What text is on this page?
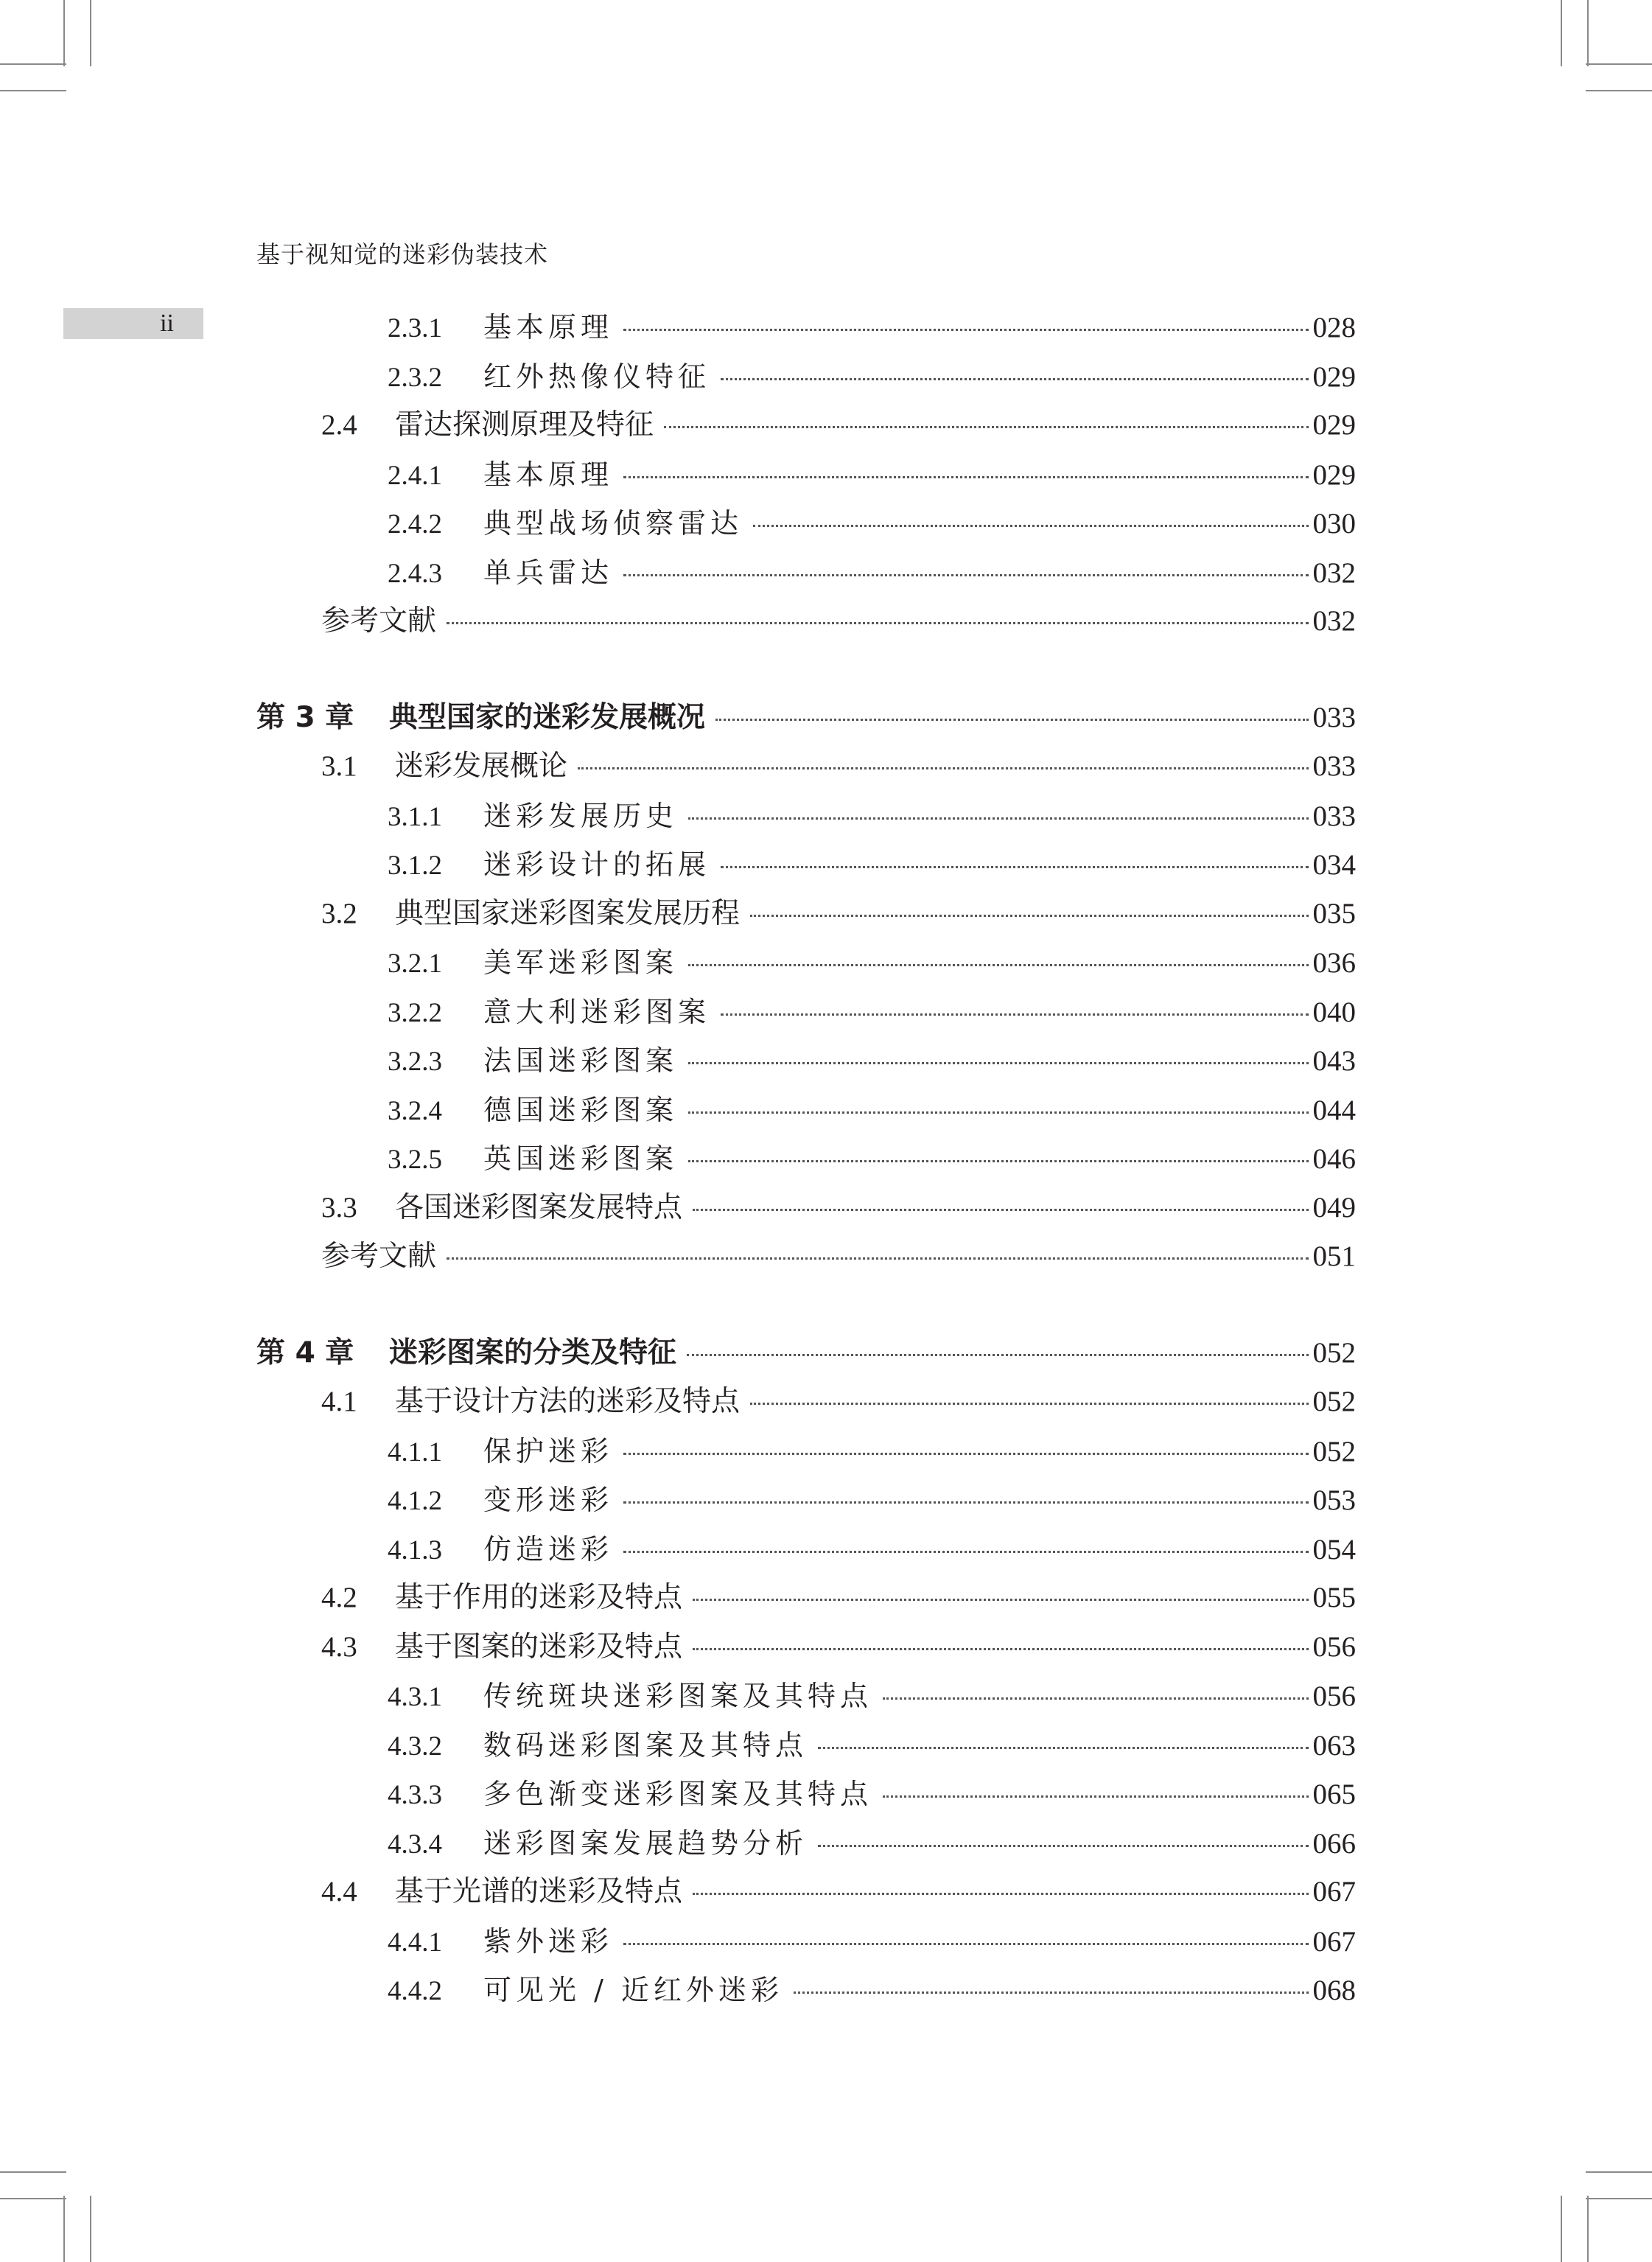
基于视知觉的迷彩伪装技术
ii	2.3.1	基本原理	028
2.3.2	红外热像仪特征	029
2.4	雷达探测原理及特征	029
2.4.1	基本原理	029
2.4.2	典型战场侦察雷达	030
2.4.3	单兵雷达	032
参考文献	032
第 3 章	典型国家的迷彩发展概况	033
3.1	迷彩发展概论	033
3.1.1	迷彩发展历史	033
3.1.2	迷彩设计的拓展	034
3.2	典型国家迷彩图案发展历程	035
3.2.1	美军迷彩图案	036
3.2.2	意大利迷彩图案	040
3.2.3	法国迷彩图案	043
3.2.4	德国迷彩图案	044
3.2.5	英国迷彩图案	046
3.3	各国迷彩图案发展特点	049
参考文献	051
第 4 章	迷彩图案的分类及特征	052
4.1	基于设计方法的迷彩及特点	052
4.1.1	保护迷彩	052
4.1.2	变形迷彩	053
4.1.3	仿造迷彩	054
4.2	基于作用的迷彩及特点	055
4.3	基于图案的迷彩及特点	056
4.3.1	传统斑块迷彩图案及其特点	056
4.3.2	数码迷彩图案及其特点	063
4.3.3	多色渐变迷彩图案及其特点	065
4.3.4	迷彩图案发展趋势分析	066
4.4	基于光谱的迷彩及特点	067
4.4.1	紫外迷彩	067
4.4.2	可见光 / 近红外迷彩	068
